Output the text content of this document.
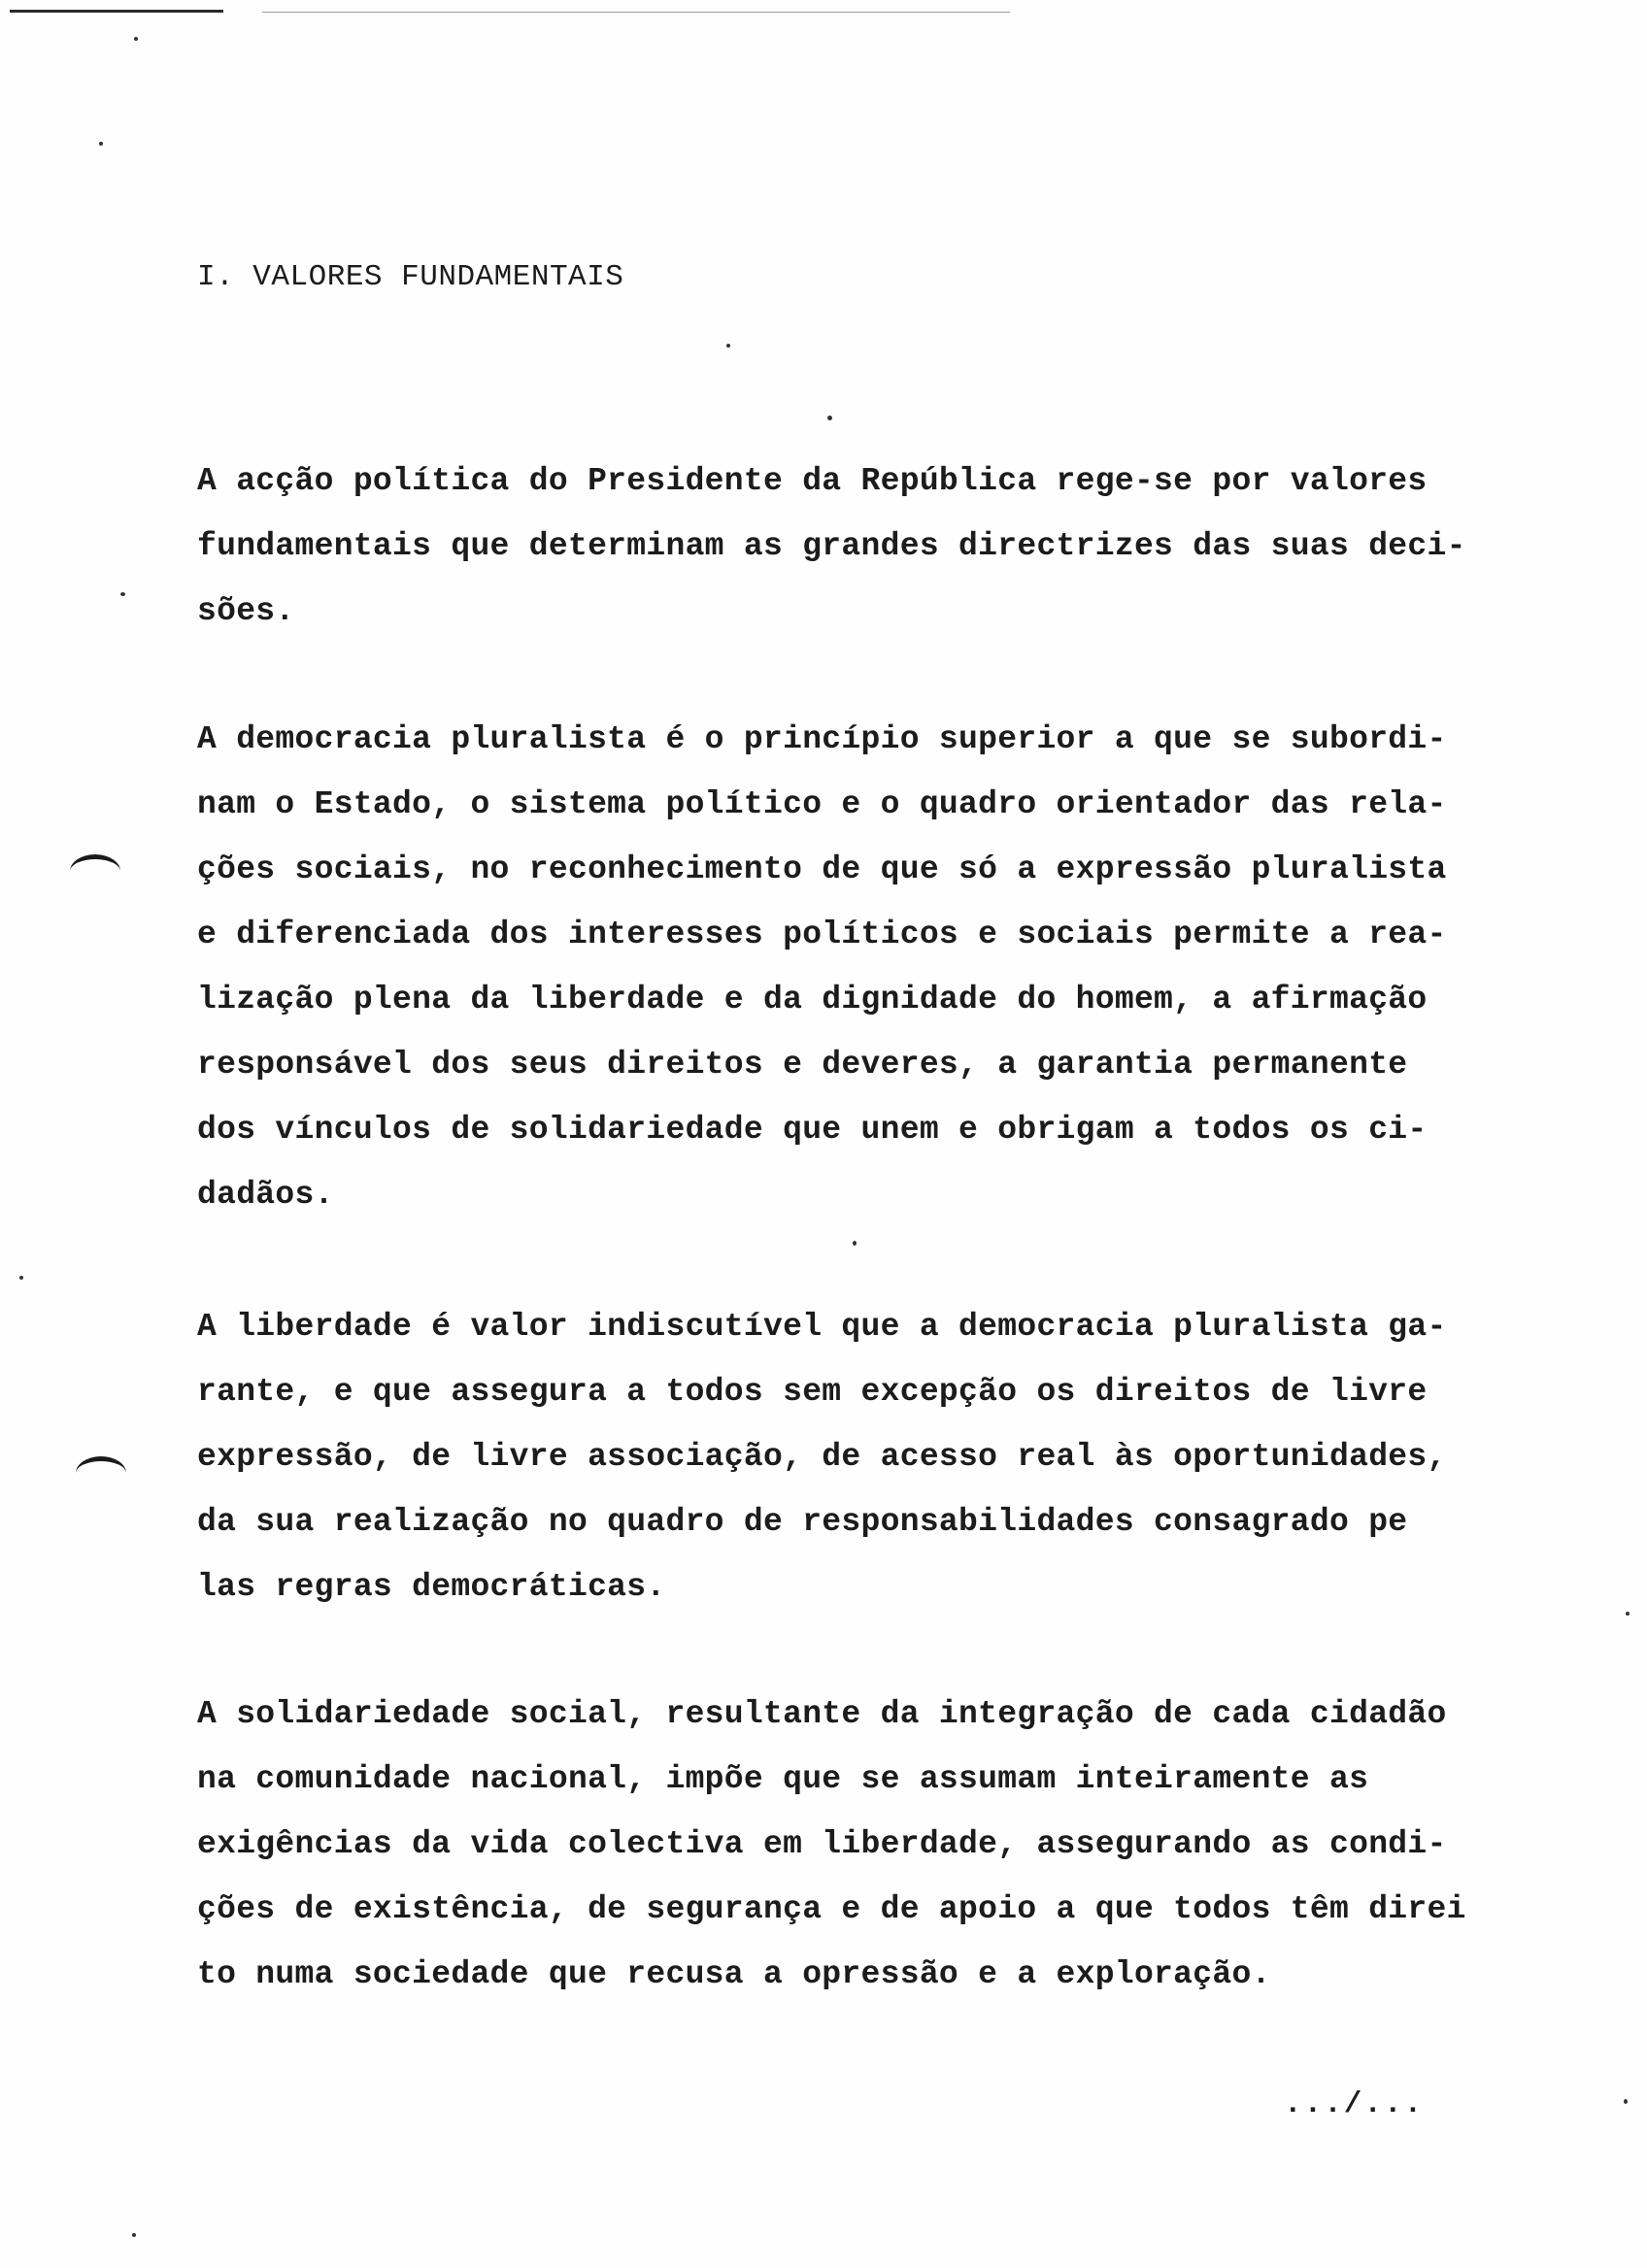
I. VALORES FUNDAMENTAIS
A acção política do Presidente da República rege-se por valores
fundamentais que determinam as grandes directrizes das suas deci-
sões.
A democracia pluralista é o princípio superior a que se subordi-
nam o Estado, o sistema político e o quadro orientador das rela-
ções sociais, no reconhecimento de que só a expressão pluralista
e diferenciada dos interesses políticos e sociais permite a rea-
lização plena da liberdade e da dignidade do homem, a afirmação
responsável dos seus direitos e deveres, a garantia permanente
dos vínculos de solidariedade que unem e obrigam a todos os ci-
dadãos.
A liberdade é valor indiscutível que a democracia pluralista ga-
rante, e que assegura a todos sem excepção os direitos de livre
expressão, de livre associação, de acesso real às oportunidades,
da sua realização no quadro de responsabilidades consagrado pe
las regras democráticas.
A solidariedade social, resultante da integração de cada cidadão
na comunidade nacional, impõe que se assumam inteiramente as
exigências da vida colectiva em liberdade, assegurando as condi-
ções de existência, de segurança e de apoio a que todos têm direi
to numa sociedade que recusa a opressão e a exploração.
.../...
